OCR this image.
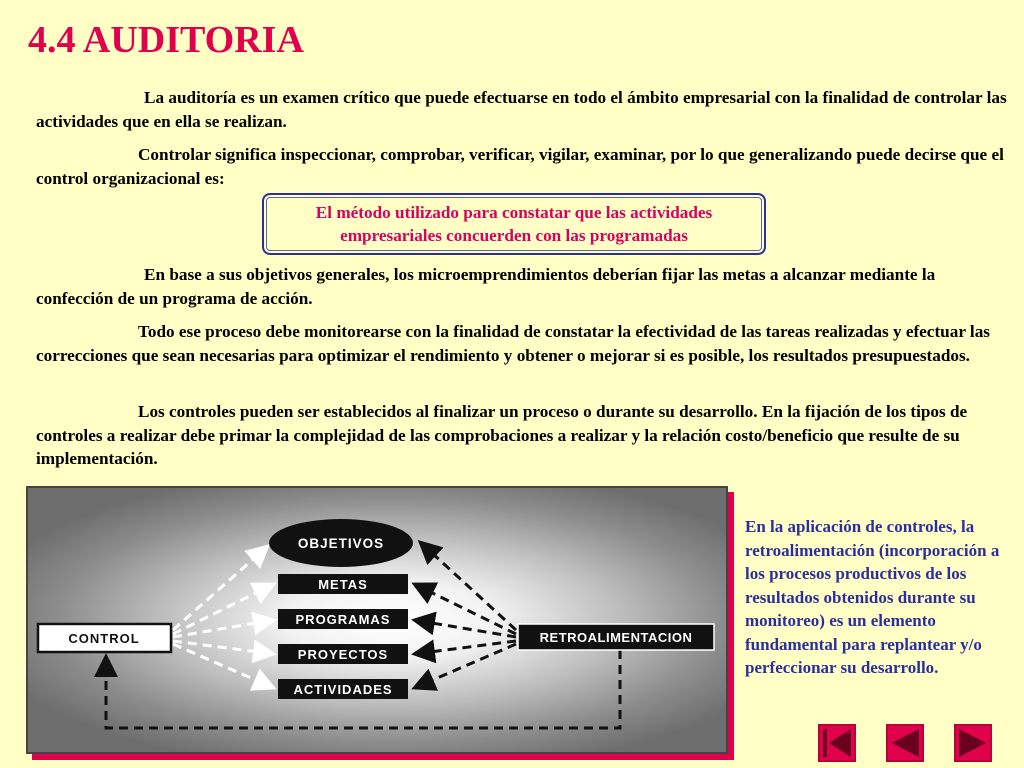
4.4 AUDITORIA
La auditoría es un examen crítico que puede efectuarse en todo el ámbito empresarial con la finalidad de controlar las actividades que en ella se realizan.
Controlar significa inspeccionar, comprobar, verificar, vigilar, examinar, por lo que generalizando puede decirse que el control organizacional es:
El método utilizado para constatar que las actividades empresariales concuerden con las programadas
En base a sus objetivos generales, los microemprendimientos deberían fijar las metas a alcanzar mediante la confección de un programa de acción.
Todo ese proceso debe monitorearse con la finalidad de constatar la efectividad de las tareas realizadas y efectuar las correcciones que sean necesarias para optimizar el rendimiento y obtener o mejorar si es posible, los resultados presupuestados.
Los controles pueden ser establecidos al finalizar un proceso o durante su desarrollo. En la fijación de los tipos de controles a realizar debe primar la complejidad de las comprobaciones a realizar y la relación costo/beneficio que resulte de su implementación.
OBJETIVOS
METAS
PROGRAMAS
PROYECTOS
ACTIVIDADES
CONTROL	RETROALIMENTACION
En la aplicación de controles, la retroalimentación (incorporación a los procesos productivos de los resultados obtenidos durante su monitoreo) es un elemento fundamental para replantear y/o perfeccionar su desarrollo.
